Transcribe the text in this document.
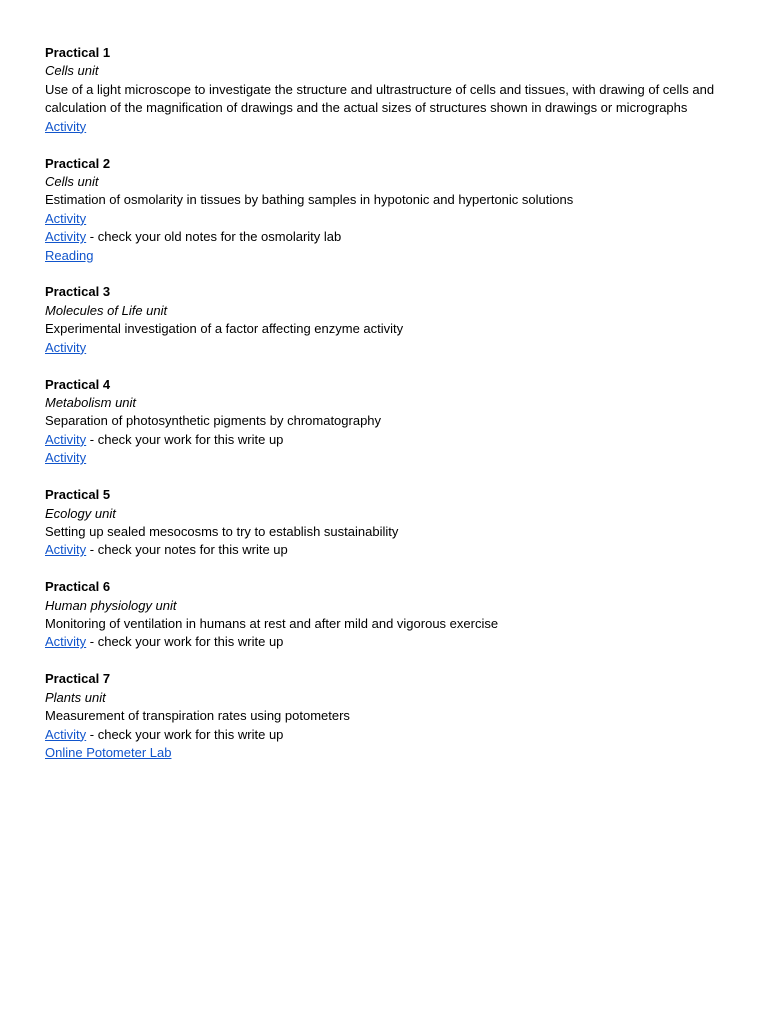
Practical 1
Cells unit
Use of a light microscope to investigate the structure and ultrastructure of cells and tissues, with drawing of cells and calculation of the magnification of drawings and the actual sizes of structures shown in drawings or micrographs
Activity
Practical 2
Cells unit
Estimation of osmolarity in tissues by bathing samples in hypotonic and hypertonic solutions
Activity
Activity - check your old notes for the osmolarity lab
Reading
Practical 3
Molecules of Life unit
Experimental investigation of a factor affecting enzyme activity
Activity
Practical 4
Metabolism unit
Separation of photosynthetic pigments by chromatography
Activity - check your work for this write up
Activity
Practical 5
Ecology unit
Setting up sealed mesocosms to try to establish sustainability
Activity - check your notes for this write up
Practical 6
Human physiology unit
Monitoring of ventilation in humans at rest and after mild and vigorous exercise
Activity - check your work for this write up
Practical 7
Plants unit
Measurement of transpiration rates using potometers
Activity - check your work for this write up
Online Potometer Lab
